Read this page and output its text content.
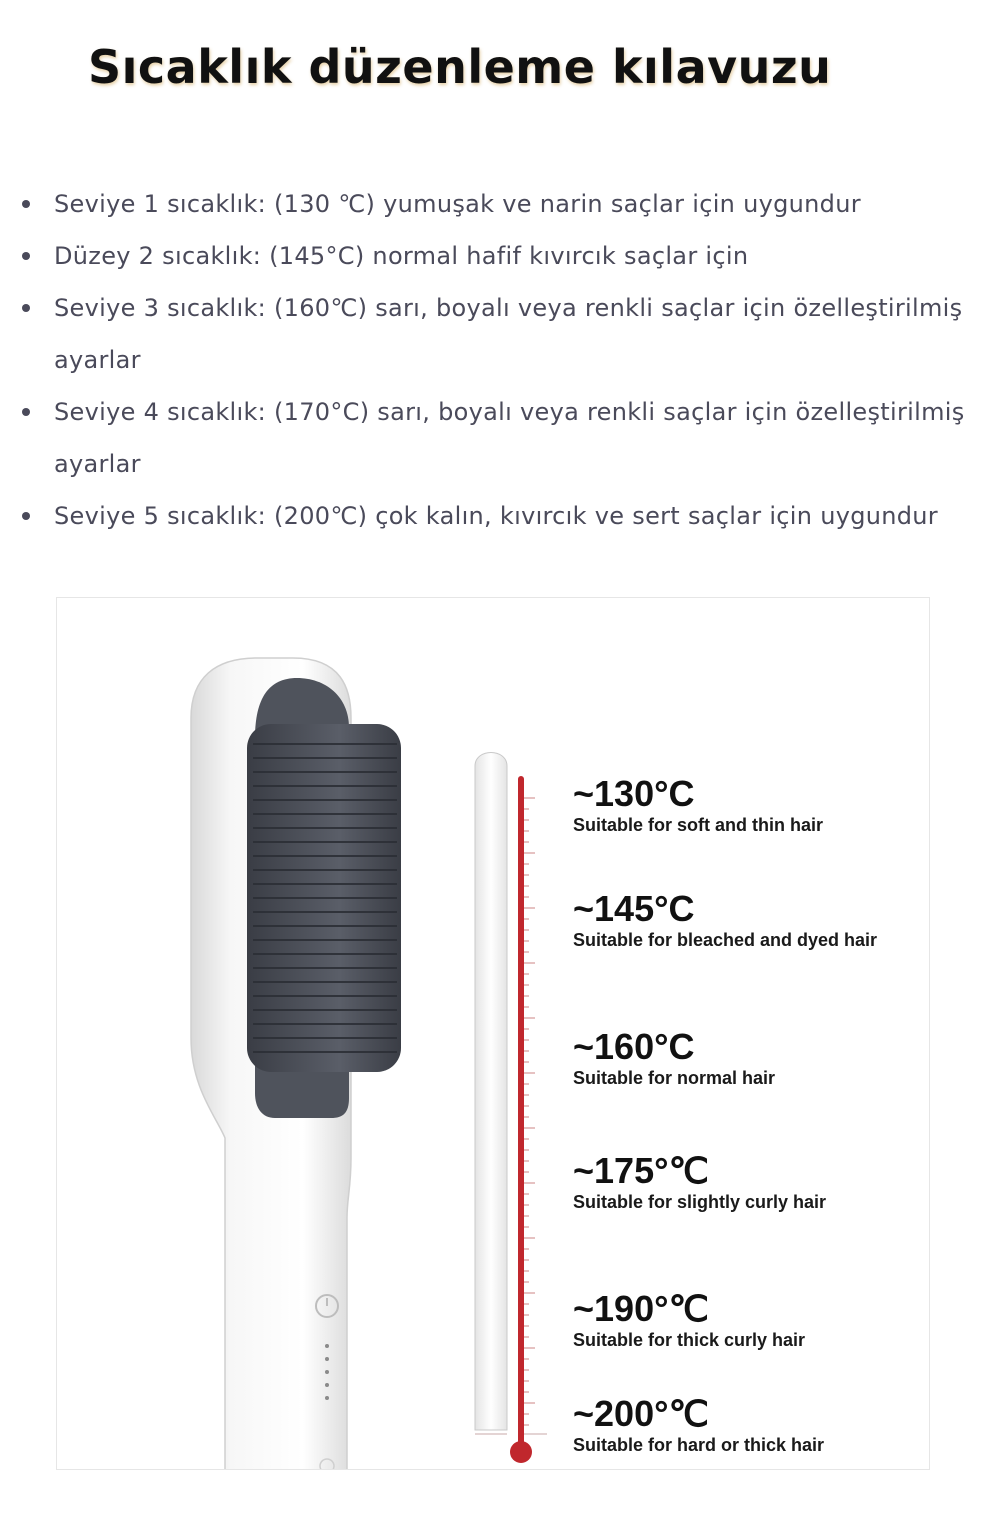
Sıcaklık düzenleme kılavuzu
Seviye 1 sıcaklık: (130 ℃) yumuşak ve narin saçlar için uygundur
Düzey 2 sıcaklık: (145°C) normal hafif kıvırcık saçlar için
Seviye 3 sıcaklık: (160℃) sarı, boyalı veya renkli saçlar için özelleştirilmiş ayarlar
Seviye 4 sıcaklık: (170°C) sarı, boyalı veya renkli saçlar için özelleştirilmiş ayarlar
Seviye 5 sıcaklık: (200℃) çok kalın, kıvırcık ve sert saçlar için uygundur
~130°C
Suitable for soft and thin hair
~145°C
Suitable for bleached and dyed hair
~160°C
Suitable for normal hair
~175°℃
Suitable for slightly curly hair
~190°℃
Suitable for thick curly hair
~200°℃
Suitable for hard or thick hair
